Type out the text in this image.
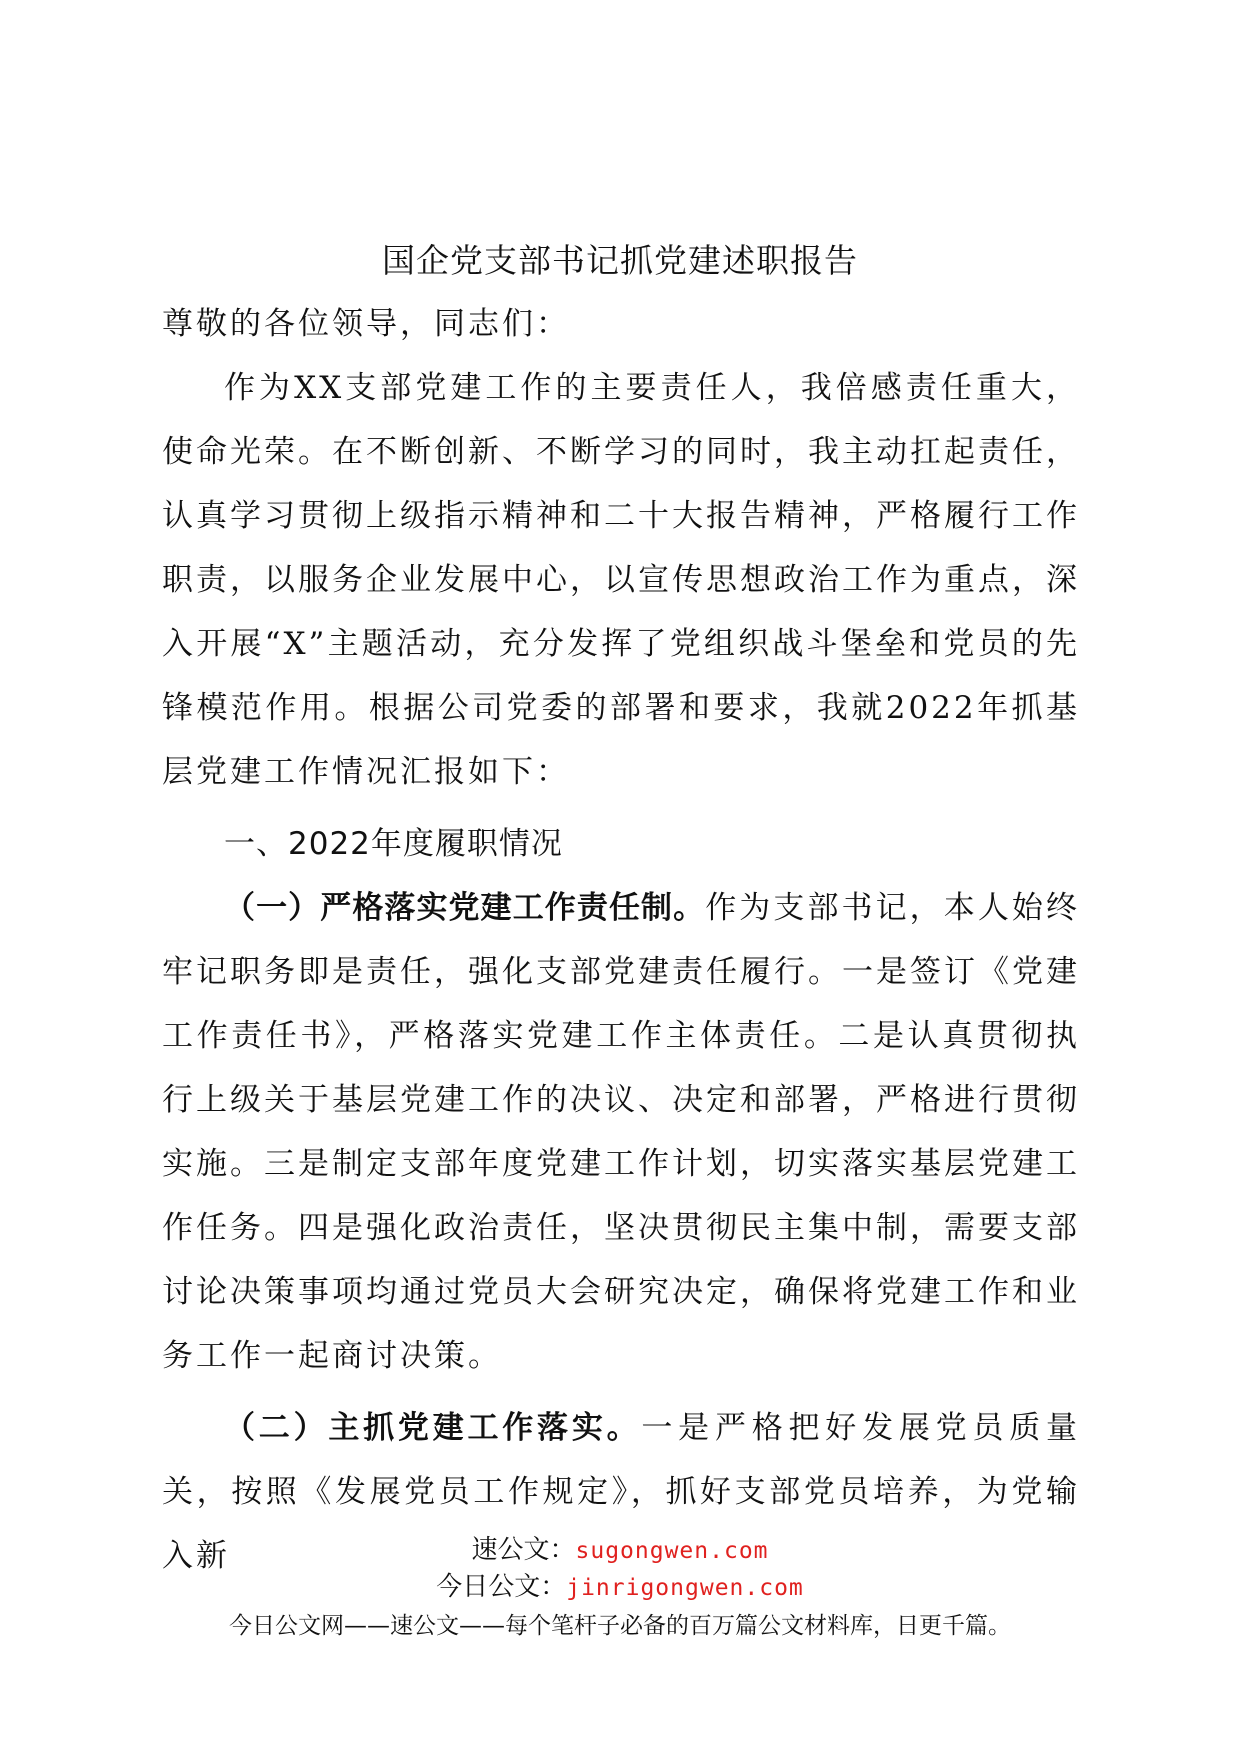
国企党支部书记抓党建述职报告

尊敬的各位领导，同志们：

作为XX支部党建工作的主要责任人，我倍感责任重大，使命光荣。在不断创新、不断学习的同时，我主动扛起责任，认真学习贯彻上级指示精神和二十大报告精神，严格履行工作职责，以服务企业发展中心，以宣传思想政治工作为重点，深入开展“X”主题活动，充分发挥了党组织战斗堡垒和党员的先锋模范作用。根据公司党委的部署和要求，我就2022年抓基层党建工作情况汇报如下：

一、2022年度履职情况

（一）严格落实党建工作责任制。作为支部书记，本人始终牢记职务即是责任，强化支部党建责任履行。一是签订《党建工作责任书》，严格落实党建工作主体责任。二是认真贯彻执行上级关于基层党建工作的决议、决定和部署，严格进行贯彻实施。三是制定支部年度党建工作计划，切实落实基层党建工作任务。四是强化政治责任，坚决贯彻民主集中制，需要支部讨论决策事项均通过党员大会研究决定，确保将党建工作和业务工作一起商讨决策。

（二）主抓党建工作落实。一是严格把好发展党员质量关，按照《发展党员工作规定》，抓好支部党员培养，为党输入新	速公文：sugongwen.com
今日公文：jinrigongwen.com
今日公文网——速公文——每个笔杆子必备的百万篇公文材料库，日更千篇。
